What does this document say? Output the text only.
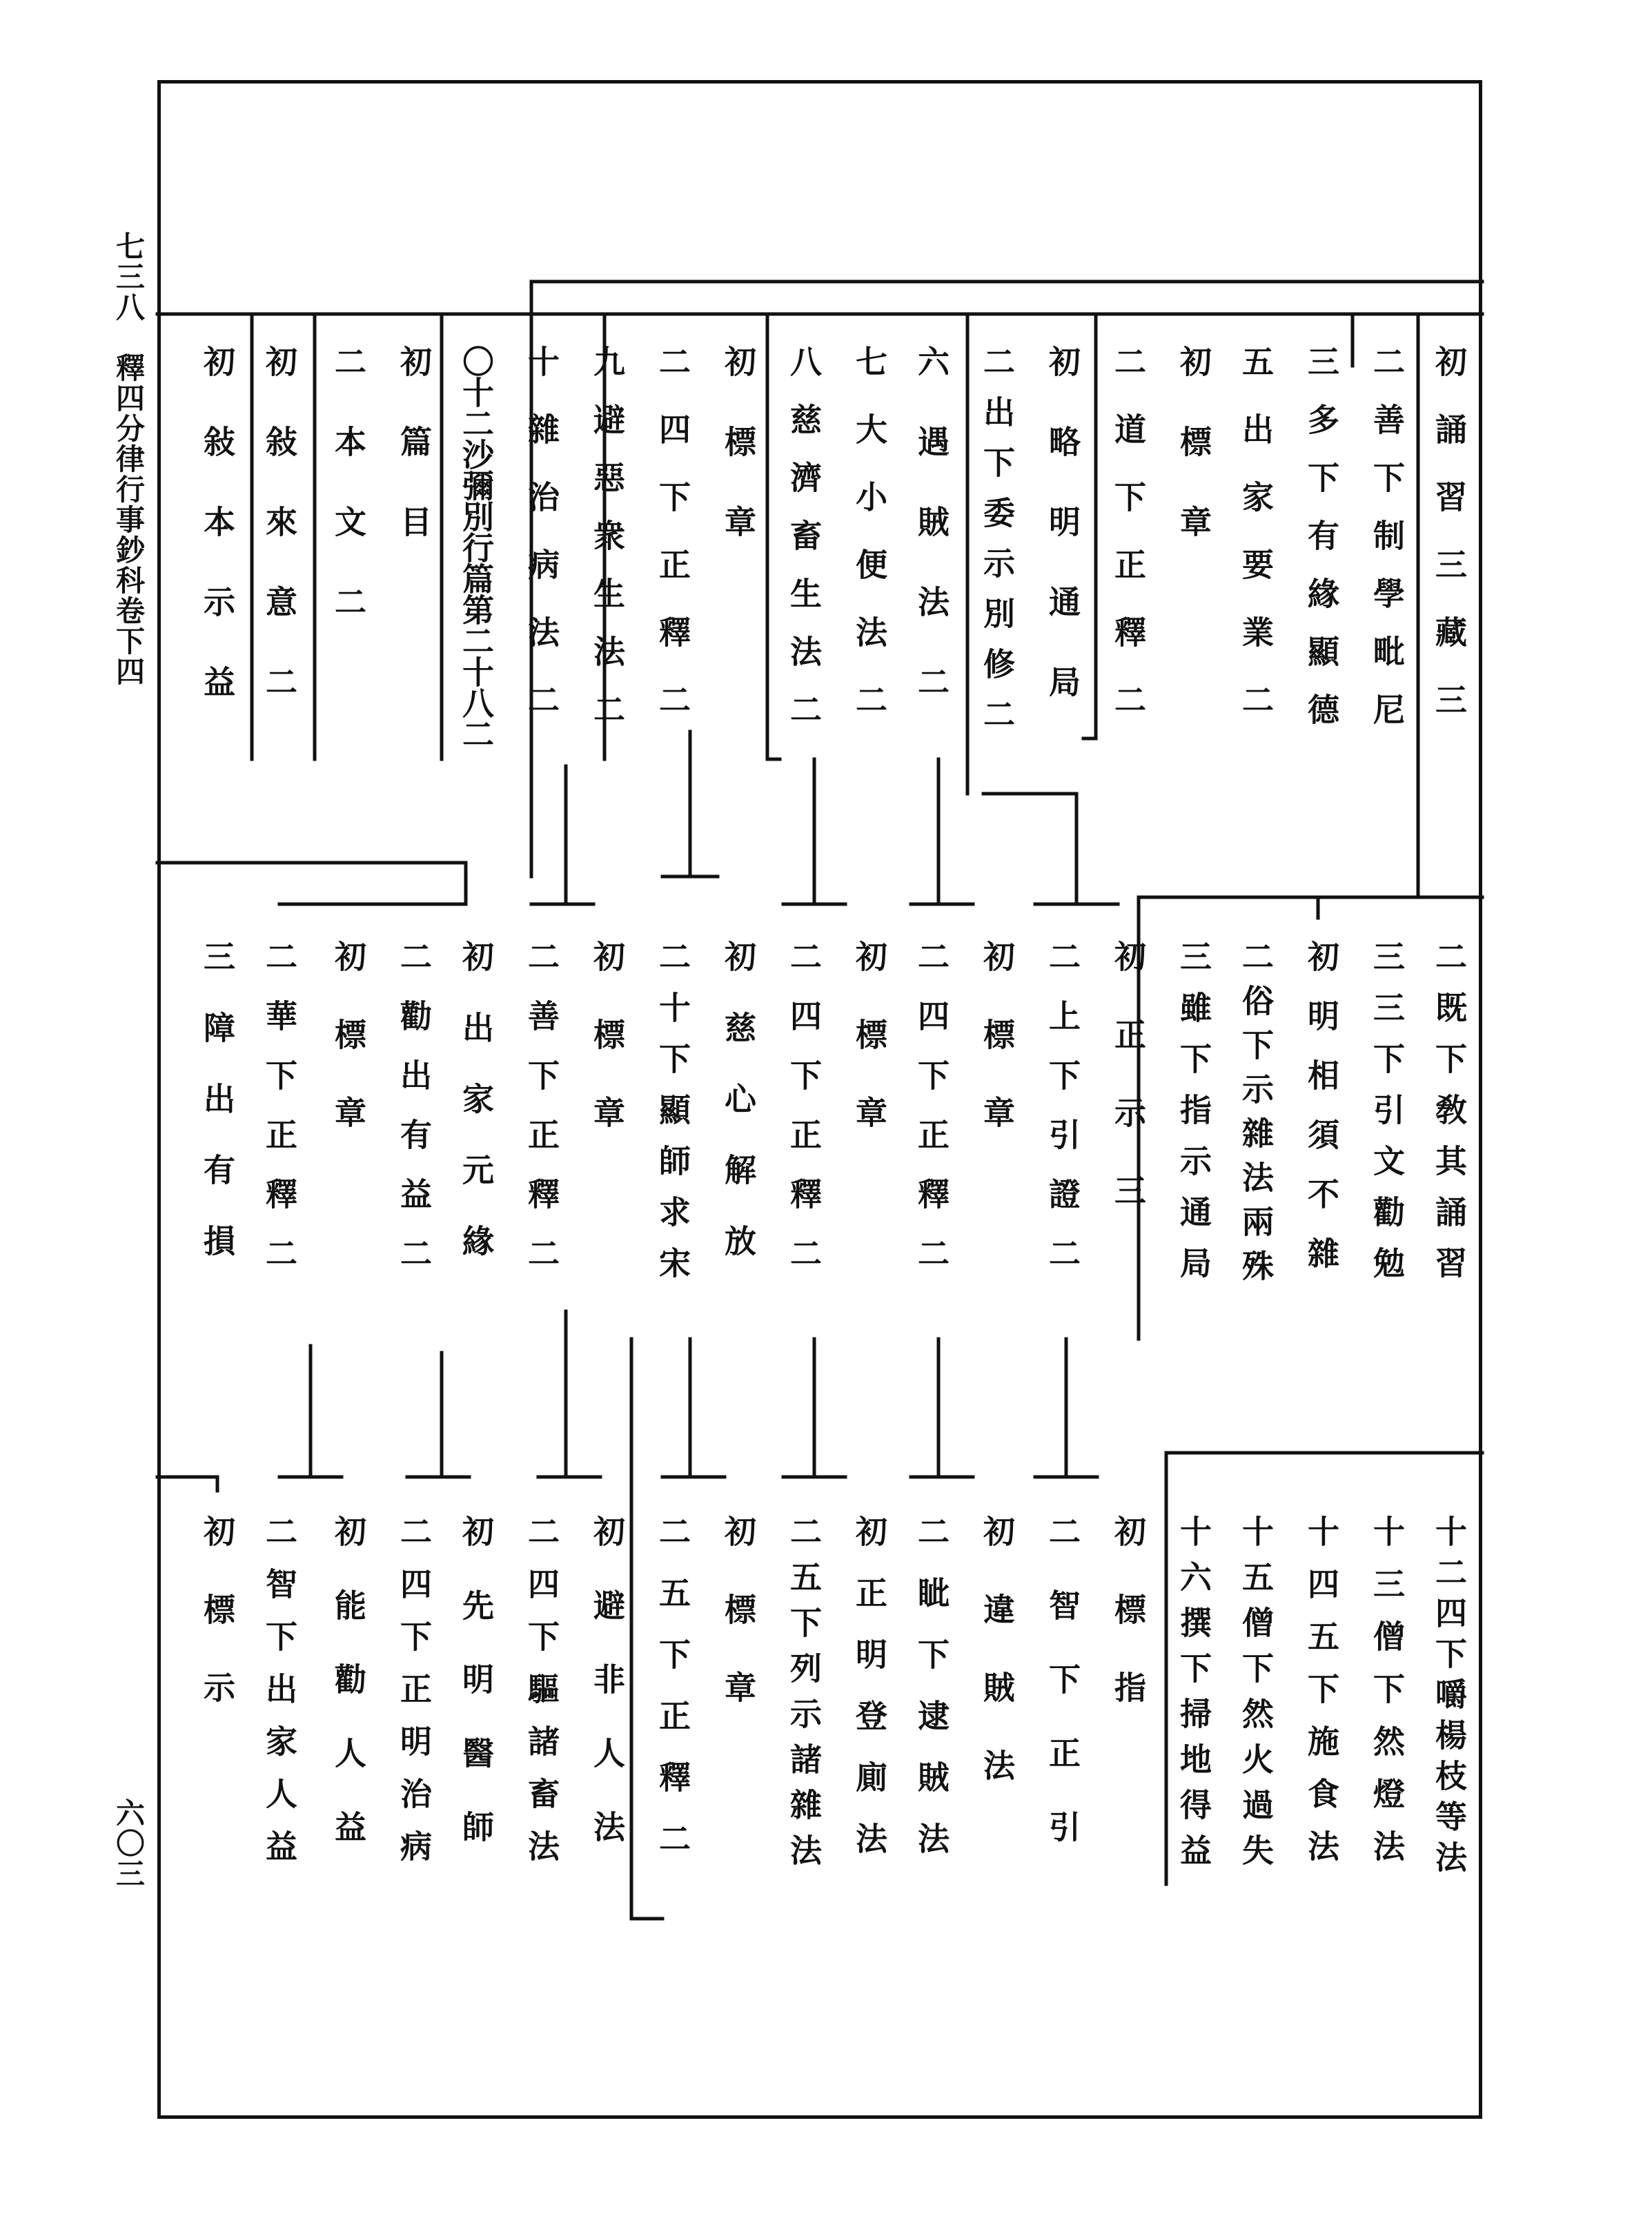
七三八　釋四分律行事鈔科卷下四
六〇三
初誦習三藏三
二善下制學毗尼
三多下有緣顯德
五出家要業二
初標章
二道下正釋二
初略明通局
二出下委示別修二
六遇賊法二
七大小便法二
八慈濟畜生法二
初標章
二四下正釋二
九避惡衆生法二
十雜治病法二
〇十二沙彌別行篇第二十八二
初篇目
二本文二
初敍來意二
初敍本示益
二既下敎其誦習
三三下引文勸勉
初明相須不雜
二俗下示雜法兩殊
三雖下指示通局
初正示三
二上下引證二
初標章
二四下正釋二
初標章
二四下正釋二
初慈心解放
二十下顯師求宋
初標章
二善下正釋二
初出家元緣
二勸出有益二
初標章
二華下正釋二
三障出有損
十二四下嚼楊枝等法
十三僧下然燈法
十四五下施食法
十五僧下然火過失
十六撰下掃地得益
初標指
二智下正引
初違賊法
二眦下逮賊法
初正明登廁法
二五下列示諸雜法
初標章
二五下正釋二
初避非人法
二四下驅諸畜法
初先明醫師
二四下正明治病
初能勸人益
二智下出家人益
初標示
